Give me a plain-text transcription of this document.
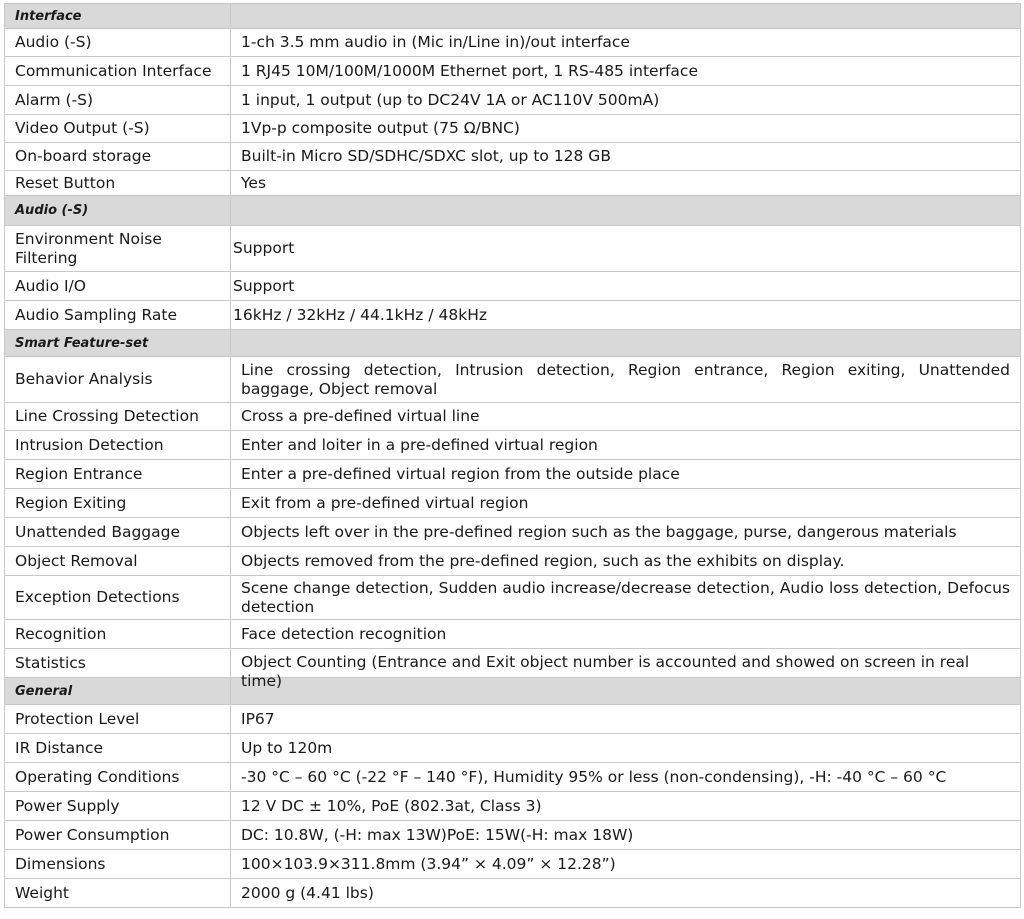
Interface	
Audio (-S)	1-ch 3.5 mm audio in (Mic in/Line in)/out interface
Communication Interface	1 RJ45 10M/100M/1000M Ethernet port, 1 RS-485 interface
Alarm (-S)	1 input, 1 output (up to DC24V 1A or AC110V 500mA)
Video Output (-S)	1Vp-p composite output (75 Ω/BNC)
On-board storage	Built-in Micro SD/SDHC/SDXC slot, up to 128 GB
Reset Button	Yes
Audio (-S)	
Environment Noise Filtering	Support
Audio I/O	Support
Audio Sampling Rate	16kHz / 32kHz / 44.1kHz / 48kHz
Smart Feature-set	
Behavior Analysis	Line crossing detection, Intrusion detection, Region entrance, Region exiting, Unattended baggage, Object removal
Line Crossing Detection	Cross a pre-defined virtual line
Intrusion Detection	Enter and loiter in a pre-defined virtual region
Region Entrance	Enter a pre-defined virtual region from the outside place
Region Exiting	Exit from a pre-defined virtual region
Unattended Baggage	Objects left over in the pre-defined region such as the baggage, purse, dangerous materials
Object Removal	Objects removed from the pre-defined region, such as the exhibits on display.
Exception Detections	Scene change detection, Sudden audio increase/decrease detection, Audio loss detection, Defocus detection
Recognition	Face detection recognition
Statistics	Object Counting (Entrance and Exit object number is accounted and showed on screen in real time)

General	
Protection Level	IP67
IR Distance	Up to 120m
Operating Conditions	-30 °C – 60 °C (-22 °F – 140 °F), Humidity 95% or less (non-condensing), -H: -40 °C – 60 °C
Power Supply	12 V DC ± 10%, PoE (802.3at, Class 3)
Power Consumption	DC: 10.8W, (-H: max 13W)PoE: 15W(-H: max 18W)
Dimensions	100×103.9×311.8mm (3.94” × 4.09” × 12.28”)
Weight	2000 g (4.41 lbs)
